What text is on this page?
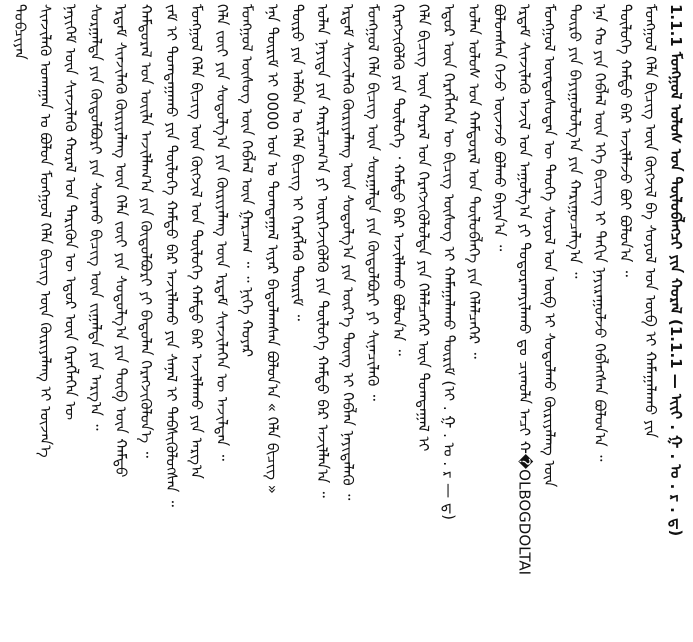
1.1.1 ᠮᠣᠩᠭᠣᠯ ᠤᠯᠤᠰ ᠤᠨ ᠲᠥᠯᠥᠪᠯᠡᠭᠴᠢ ᠶᠢᠨ ᠬᠣᠷᠠᠯ (1.1.1 — ᠢᠢᠢ . ᠭ . ᠣ . ᠷ . ᠳ)
ᠮᠣᠩᠭᠣᠯ ᠬᠡᠯᠡ ᠪᠢᠴᠢᠭ ᠦᠨ ᠬᠥᠭᠵᠢᠯ ᠪᠠ ᠰᠣᠶᠣᠯ ᠤᠨ ᠦᠪ ᠢ ᠬᠠᠮᠠᠭᠠᠯᠠᠬᠤ ᠶᠢᠨ
ᠲᠥᠯᠥᠭᠡ ᠬᠠᠮᠲᠤ ᠪᠠᠷ ᠠᠵᠢᠯᠯᠠᠵᠤ ᠪᠤᠢ ᠪᠣᠯᠤᠨ᠎ᠠ ᠃
ᠡᠨᠡ ᠬᠤ ᠶᠢᠨ ᠬᠡᠪᠯᠡᠯ ᠦᠨ ᠡᠬᠡ ᠪᠢᠴᠢᠭ ᠢ ᠳᠠᠬᠢᠨ ᠨᠠᠶᠢᠷᠠᠭᠤᠯᠵᠤ ᠬᠡᠪᠯᠡᠭᠰᠡᠨ ᠪᠣᠯᠤᠨ᠎ᠠ ᠃
ᠲᠥᠷᠥ ᠶᠢᠨ ᠪᠠᠶᠢᠭᠤᠯᠤᠯᠭ᠎ᠠ ᠶᠢᠨ ᠬᠠᠷᠢᠭᠤᠴᠠᠯᠭ᠎ᠠ ᠃
ᠮᠣᠩᠭᠣᠯ ᠦᠨᠳᠦᠰᠦᠲᠡᠨ ᠦ ᠲᠡᠦᠬᠡ ᠰᠣᠶᠣᠯ ᠤᠨ ᠦᠪ ᠢ ᠰᠤᠳᠤᠯᠬᠤ ᠬᠦᠷᠢᠶᠡᠯᠡᠩ ᠦᠨ
ᠡᠷᠳᠡᠮ ᠰᠢᠨᠵᠢᠯᠡᠬᠦ ᠠᠵᠢᠯ ᠤᠨ ᠠᠭᠤᠯᠭ᠎ᠠ ᠶᠢ ᠲᠣᠳᠣᠷᠬᠠᠶᠢᠯᠠᠬᠤ ᠳᠤ ᠴᠢᠬᠤᠯᠠ ᠠᠴᠢ ᠬ�OLBOGDOLTAI
ᠪᠣᠯᠤᠭᠰᠠᠨ ᠭᠡᠵᠦ ᠦᠵᠡᠵᠦ ᠪᠣᠯᠬᠤ ᠪᠠᠶᠢᠨ᠎ᠠ ᠃
ᠣᠯᠠᠨ ᠤᠯᠤᠰ ᠤᠨ ᠬᠠᠮᠲᠤᠷᠠᠯ ᠤᠨ ᠲᠥᠯᠥᠪᠯᠡᠭᠡ ᠶᠢᠨ ᠬᠡᠯᠡᠯᠴᠡᠭᠡᠷ ᠃
ᠡᠳᠦᠷ ᠦᠨ ᠬᠡᠷᠡᠭᠯᠡᠭᠡᠨ ᠦ ᠪᠢᠴᠢᠭ ᠦᠰᠦᠭ ᠢ ᠬᠠᠮᠠᠭᠠᠯᠠᠬᠤ ᠳᠦᠷᠢᠮ (ᠢ . ᠭ . ᠣ . ᠷ — ᠳ)
ᠬᠡᠯᠡ ᠪᠢᠴᠢᠭ ᠦᠨ ᠬᠤᠷᠠᠯ ᠤᠨ ᠬᠡᠷᠡᠭᠵᠢᠬᠦᠯᠦᠯᠲᠡ ᠶᠢᠨ ᠬᠡᠯᠡᠯᠴᠡᠭᠡᠷ ᠦᠨ ᠲᠣᠭᠲᠠᠭᠠᠯ ᠢ
ᠬᠡᠷᠡᠭᠵᠢᠭᠦᠯᠬᠦ ᠶᠢᠨ ᠲᠥᠯᠥᠭᠡ ᠂ ᠬᠠᠮᠲᠤ ᠪᠠᠷ ᠠᠵᠢᠯᠯᠠᠬᠤ ᠪᠣᠯᠤᠨ᠎ᠠ ᠃
ᠮᠣᠩᠭᠣᠯ ᠬᠡᠯᠡ ᠪᠢᠴᠢᠭ ᠦᠨ ᠰᠤᠷᠭᠠᠯᠲᠠ ᠶᠢᠨ ᠬᠥᠲᠥᠯᠪᠦᠷᠢ ᠶᠢ ᠰᠢᠨᠡᠴᠢᠯᠡᠬᠦ ᠃
ᠡᠷᠳᠡᠮ ᠰᠢᠨᠵᠢᠯᠡᠬᠦ ᠬᠦᠷᠢᠶᠡᠯᠡᠩ ᠦᠨ ᠰᠤᠳᠤᠯᠭ᠎ᠠ ᠶᠢᠨ ᠦᠷ᠎ᠡ ᠳᠦᠩ ᠢ ᠬᠡᠪᠯᠡᠨ ᠨᠡᠶᠢᠲᠡᠯᠡᠬᠦ ᠃
ᠣᠯᠠᠨ ᠨᠡᠶᠢᠲᠡ ᠶᠢᠨ ᠬᠠᠷᠢᠯᠴᠠᠭ᠎ᠠ ᠶᠢ ᠥᠷᠭᠡᠵᠢᠭᠦᠯᠬᠦ ᠶᠢᠨ ᠲᠥᠯᠥᠭᠡ ᠬᠠᠮᠲᠤ ᠪᠠᠷ ᠠᠵᠢᠯᠯᠠᠨ᠎ᠠ ᠃
ᠲᠥᠷᠥ ᠶᠢᠨ ᠠᠯᠪᠠᠨ ᠤ ᠬᠡᠯᠡ ᠪᠢᠴᠢᠭ ᠢ ᠬᠡᠷᠡᠭᠯᠡᠬᠦ ᠳᠦᠷᠢᠮ ᠃
ᠡᠨᠡ ᠳᠦᠷᠢᠮ ᠢ 0000 ᠣᠨ ᠤ ᠲᠣᠭᠲᠠᠭᠠᠯ ᠢᠶᠠᠷ ᠪᠠᠲᠤᠯᠠᠭᠰᠠᠨ ᠪᠣᠯᠤᠨ᠎ᠠ « ᠬᠡᠯᠡ ᠪᠢᠴᠢᠭ »
ᠮᠣᠩᠭᠣᠯ ᠦᠰᠦᠭ ᠦᠨ ᠬᠡᠪᠯᠡᠯ ᠦᠨ ᠭᠠᠷᠴᠠᠭ ᠃ ᠃ ᠨᠢᠭᠡ ᠬᠣᠶᠠᠷ
ᠬᠡᠯᠡ ᠵᠦᠢ ᠶᠢᠨ ᠰᠤᠳᠤᠯᠭ᠎ᠠ ᠶᠢᠨ ᠬᠦᠷᠢᠶᠡᠯᠡᠩ ᠦᠨ ᠡᠷᠳᠡᠮ ᠰᠢᠨᠵᠢᠯᠡᠭᠡᠨ ᠦ ᠠᠵᠢᠯᠲᠠᠨ ᠃
ᠮᠣᠩᠭᠣᠯ ᠬᠡᠯᠡ ᠪᠢᠴᠢᠭ ᠦᠨ ᠬᠥᠭᠵᠢᠯ ᠤᠨ ᠲᠥᠯᠥᠭᠡ ᠬᠠᠮᠲᠤ ᠪᠠᠷ ᠠᠵᠢᠯᠯᠠᠬᠤ ᠶᠢᠨ ᠠᠷᠭ᠎ᠠ
ᠵᠠᠮ ᠢ ᠲᠣᠭᠲᠠᠭᠠᠬᠤ ᠶᠢᠨ ᠲᠥᠯᠥᠭᠡ ᠬᠠᠮᠲᠤ ᠪᠠᠷ ᠠᠵᠢᠯᠯᠠᠬᠤ ᠶᠢᠨ ᠰᠠᠨᠠᠯ ᠢ ᠳᠡᠪᠰᠢᠭᠦᠯᠦᠭᠰᠡᠨ ᠃
ᠬᠠᠮᠲᠤᠷᠠᠯ ᠤᠨ ᠦᠢᠯᠡ ᠠᠵᠢᠯᠯᠠᠭ᠎ᠠ ᠶᠢᠨ ᠬᠥᠲᠥᠯᠪᠦᠷᠢ ᠶᠢ ᠪᠠᠲᠤᠯᠠᠨ ᠬᠡᠷᠡᠭᠵᠢᠭᠦᠯᠦᠨ᠎ᠡ ᠃
ᠡᠷᠳᠡᠮ ᠰᠢᠨᠵᠢᠯᠡᠬᠦ ᠬᠦᠷᠢᠶᠡᠯᠡᠩ ᠦᠨ ᠬᠡᠯᠡ ᠵᠦᠢ ᠶᠢᠨ ᠰᠤᠳᠤᠯᠭ᠎ᠠ ᠶᠢᠨ ᠲᠥᠪ ᠦᠨ ᠬᠠᠮᠲᠤ
ᠰᠤᠷᠭᠠᠯᠲᠠ ᠶᠢᠨ ᠬᠥᠲᠥᠯᠪᠦᠷᠢ ᠶᠢᠨ ᠰᠤᠷᠬᠤ ᠪᠢᠴᠢᠭ ᠦᠨ ᠵᠢᠭᠠᠯᠲᠠ ᠶᠢᠨ ᠠᠷᠭ᠎ᠠ ᠃
ᠨᠡᠶᠢᠭᠡᠮ ᠦᠨ ᠰᠢᠨᠵᠢᠯᠡᠬᠦ ᠬᠤᠷᠠᠯ ᠤᠨ ᠲᠡᠷᠢᠭᠦᠨ ᠦ ᠡᠳᠦᠷ ᠦᠨ ᠬᠡᠷᠡᠭᠯᠡᠭᠡᠨ ᠦ
ᠰᠢᠨᠵᠢᠯᠡᠬᠦ ᠤᠬᠠᠭᠠᠨ ᠤ ᠪᠣᠯᠤᠨ ᠮᠣᠩᠭᠣᠯ ᠬᠡᠯᠡ ᠪᠢᠴᠢᠭ ᠦᠨ ᠬᠦᠷᠢᠶᠡᠯᠡᠩ ᠢ ᠦᠵᠡᠨ᠎ᠡ
ᠲᠣᠪᠴᠢᠶᠠᠨ
